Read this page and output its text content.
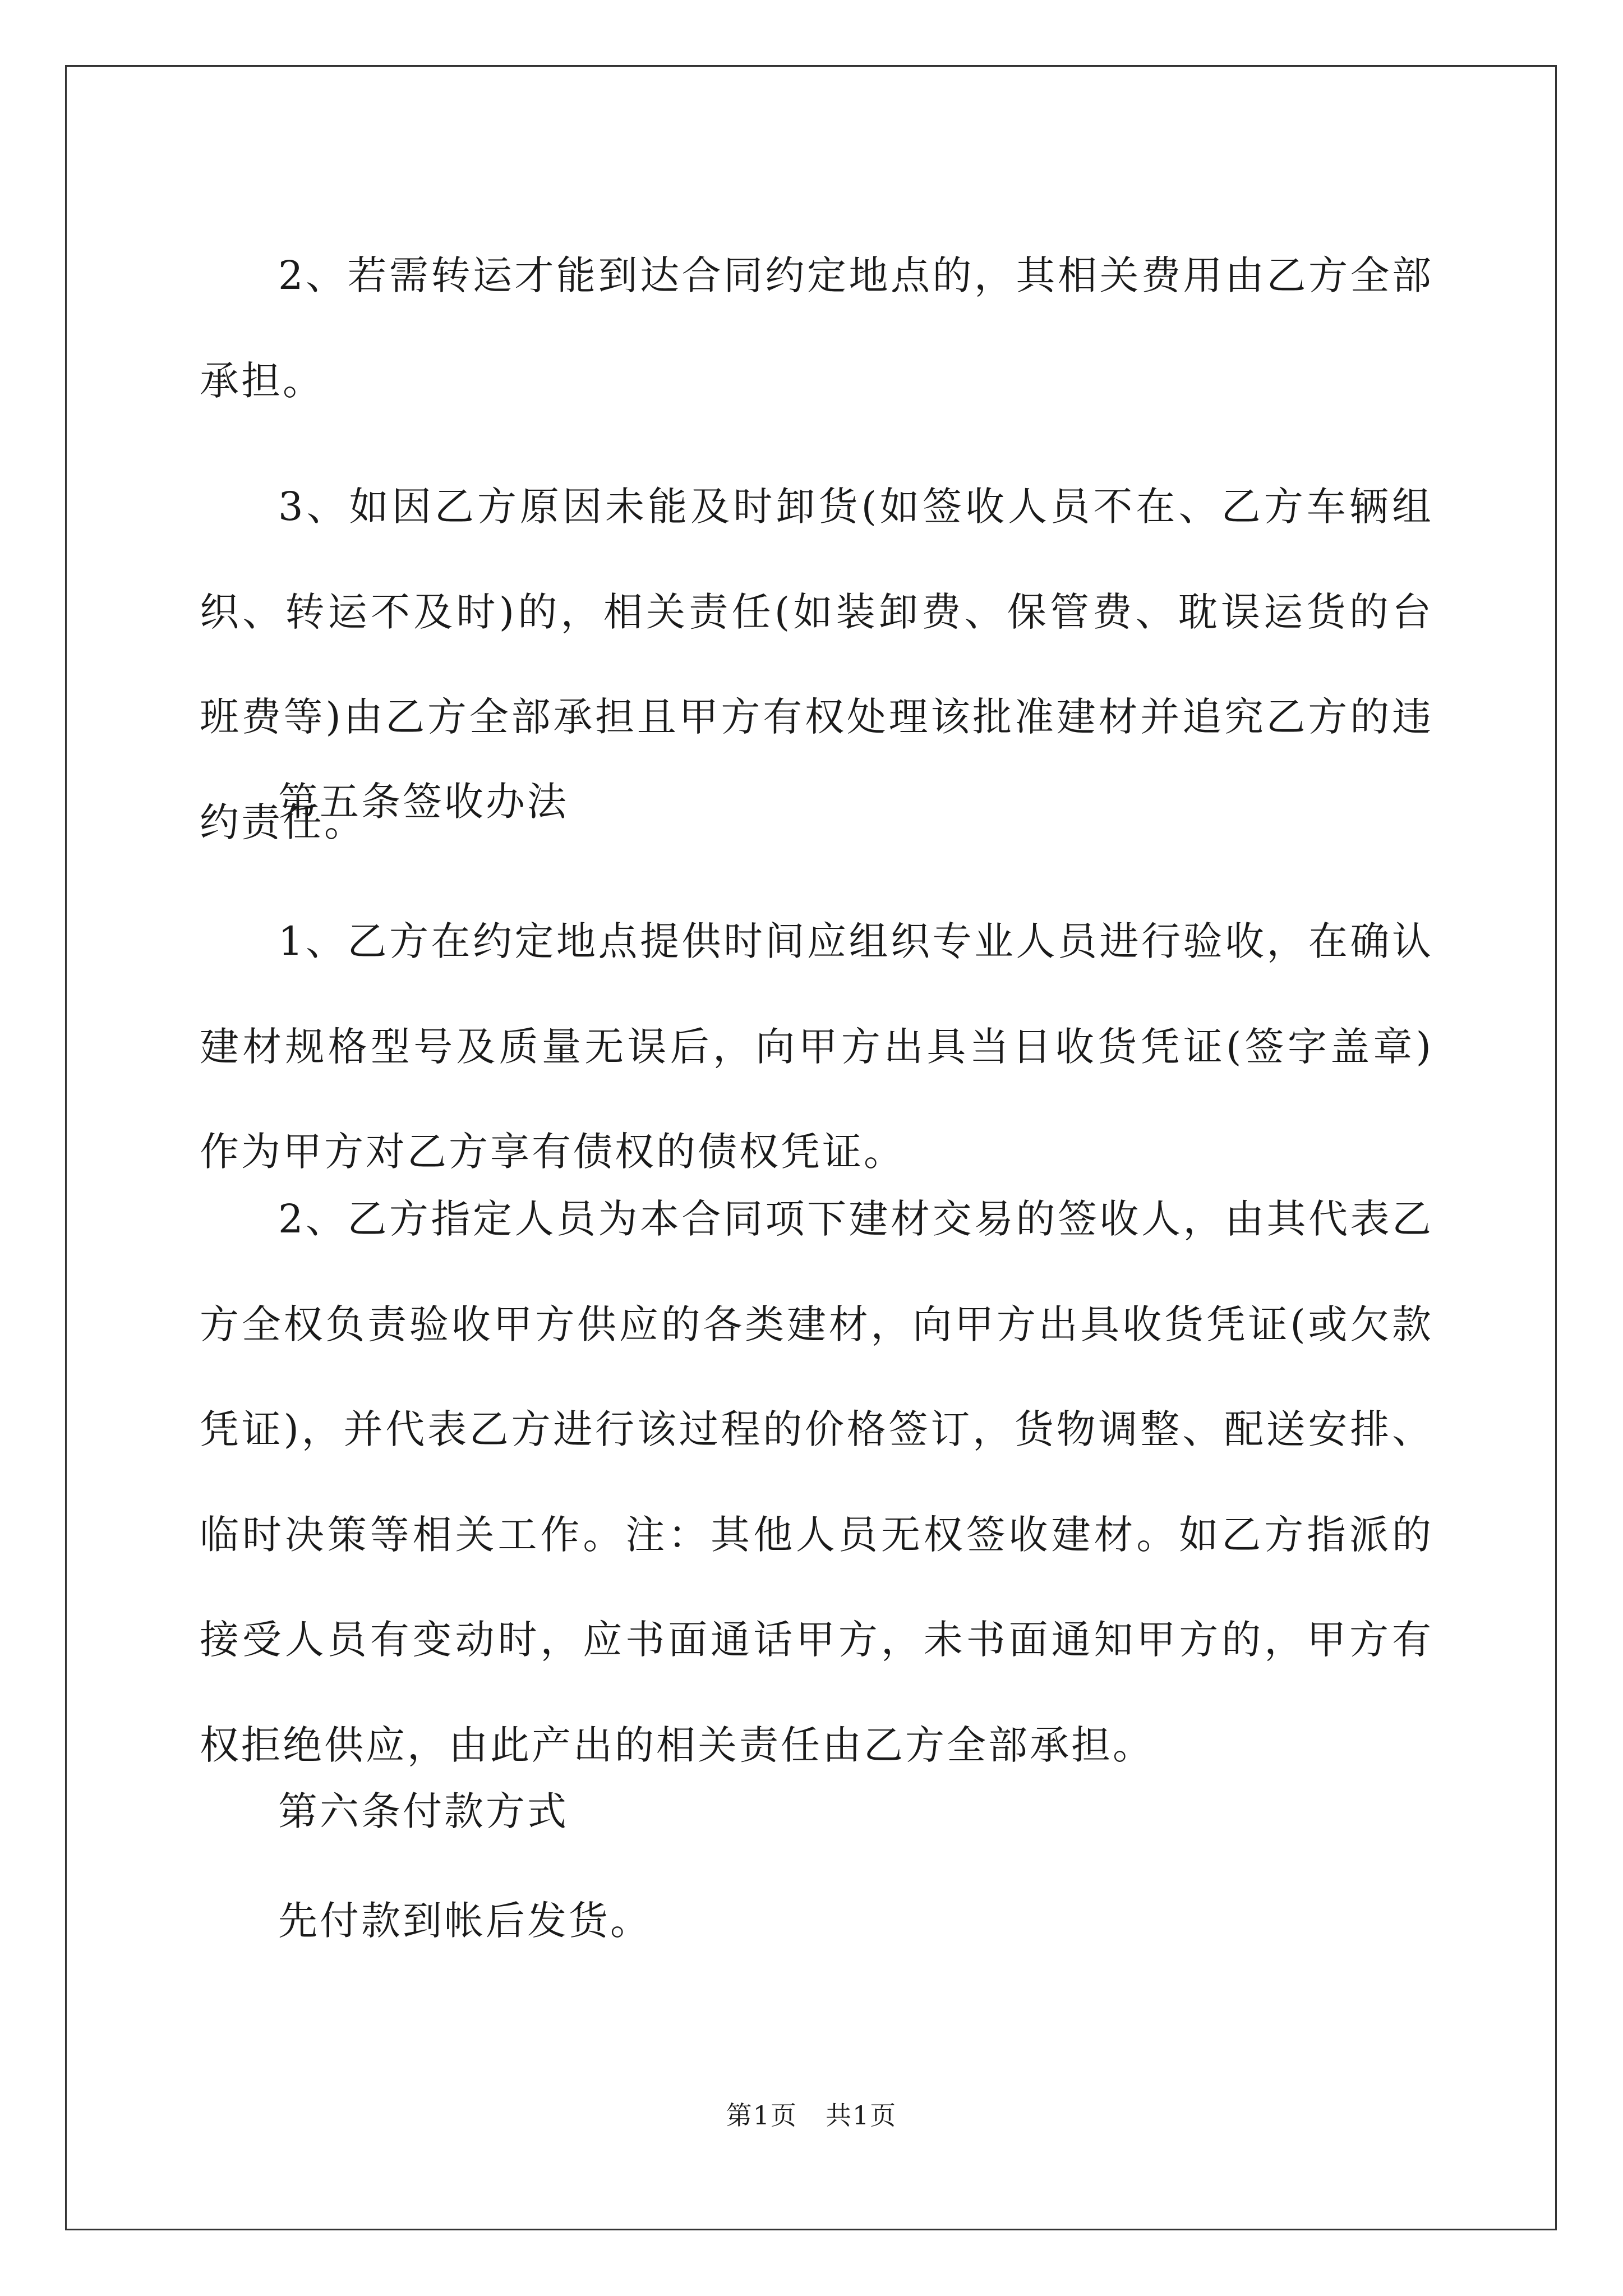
2、若需转运才能到达合同约定地点的，其相关费用由乙方全部承担。

3、如因乙方原因未能及时卸货(如签收人员不在、乙方车辆组织、转运不及时)的，相关责任(如装卸费、保管费、耽误运货的台班费等)由乙方全部承担且甲方有权处理该批准建材并追究乙方的违约责任。

第五条签收办法

1、乙方在约定地点提供时间应组织专业人员进行验收，在确认建材规格型号及质量无误后，向甲方出具当日收货凭证(签字盖章)作为甲方对乙方享有债权的债权凭证。

2、乙方指定人员为本合同项下建材交易的签收人，由其代表乙方全权负责验收甲方供应的各类建材，向甲方出具收货凭证(或欠款凭证)，并代表乙方进行该过程的价格签订，货物调整、配送安排、临时决策等相关工作。注：其他人员无权签收建材。如乙方指派的接受人员有变动时，应书面通话甲方，未书面通知甲方的，甲方有权拒绝供应，由此产出的相关责任由乙方全部承担。

第六条付款方式

先付款到帐后发货。

第1页 共1页
